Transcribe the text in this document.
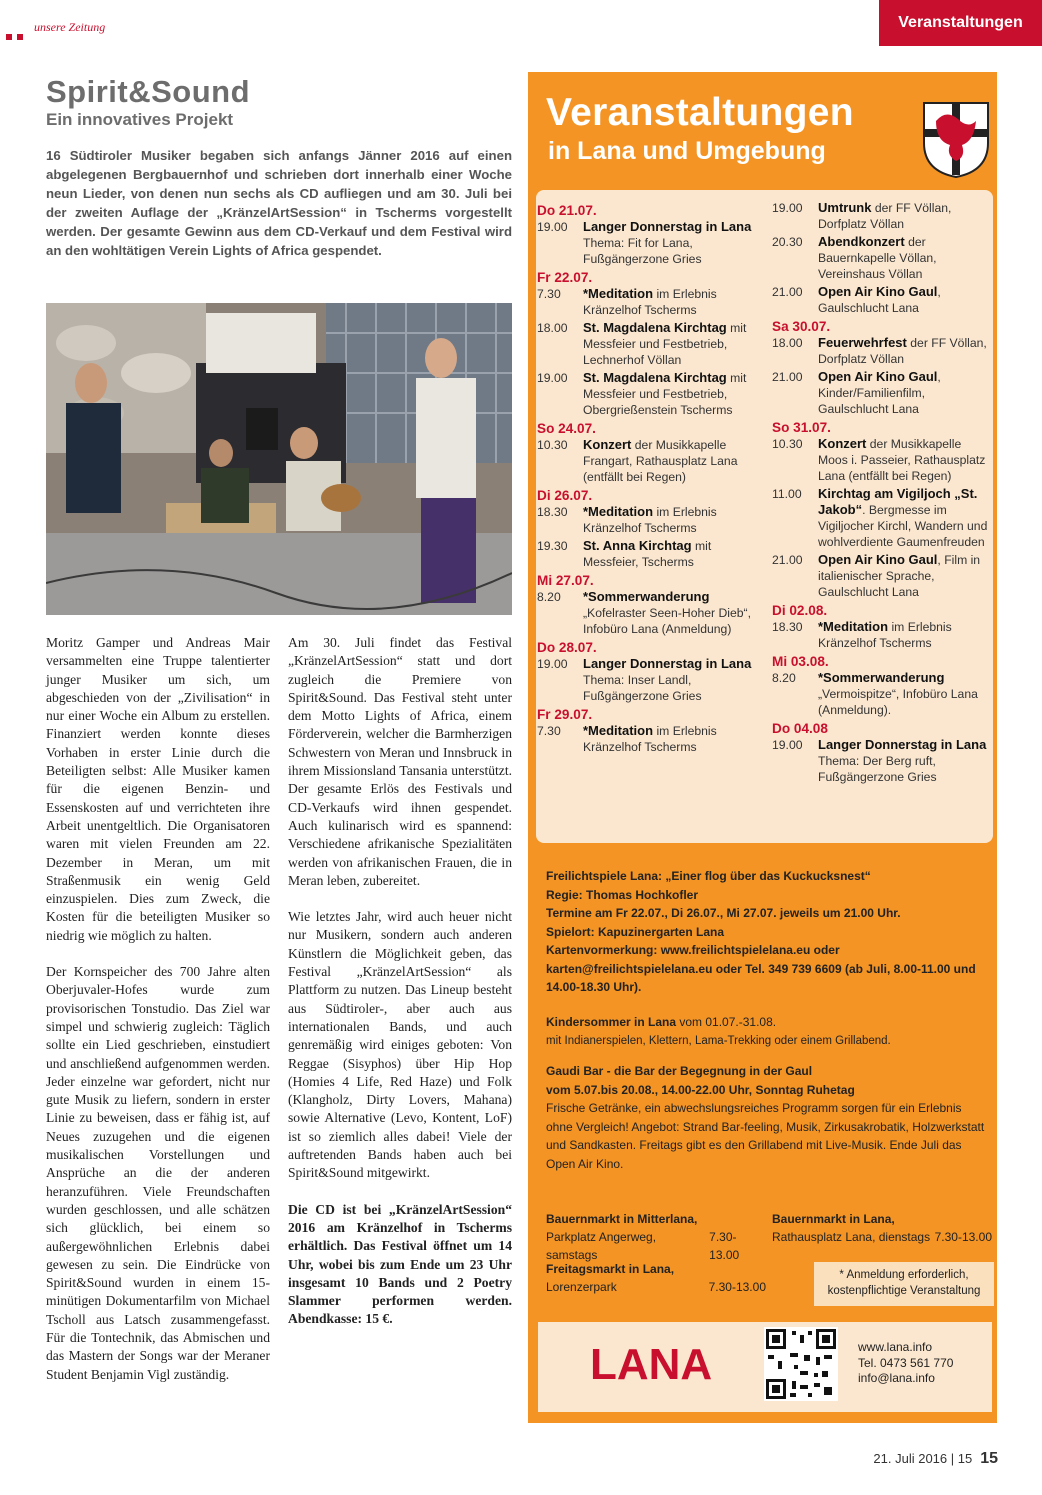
unsere Zeitung	Veranstaltungen
Spirit&Sound
Ein innovatives Projekt

16 Südtiroler Musiker begaben sich anfangs Jänner 2016 auf einen abgelegenen Bergbauernhof und schrieben dort innerhalb einer Woche neun Lieder, von denen nun sechs als CD aufliegen und am 30. Juli bei der zweiten Auflage der „KränzelArtSession“ in Tscherms vorgestellt werden. Der gesamte Gewinn aus dem CD-Verkauf und dem Festival wird an den wohltätigen Verein Lights of Africa gespendet.

Moritz Gamper und Andreas Mair versammelten eine Truppe talentierter junger Musiker um sich, um abgeschieden von der „Zivilisation“ in nur einer Woche ein Album zu erstellen. Finanziert werden konnte dieses Vorhaben in erster Linie durch die Beteiligten selbst: Alle Musiker kamen für die eigenen Benzin- und Essenskosten auf und verrichteten ihre Arbeit unentgeltlich. Die Organisatoren waren mit vielen Freunden am 22. Dezember in Meran, um mit Straßenmusik ein wenig Geld einzuspielen. Dies zum Zweck, die Kosten für die beteiligten Musiker so niedrig wie möglich zu halten.

Der Kornspeicher des 700 Jahre alten Oberjuvaler-Hofes wurde zum provisorischen Tonstudio. Das Ziel war simpel und schwierig zugleich: Täglich sollte ein Lied geschrieben, einstudiert und anschließend aufgenommen werden. Jeder einzelne war gefordert, nicht nur gute Musik zu liefern, sondern in erster Linie zu beweisen, dass er fähig ist, auf Neues zuzugehen und die eigenen musikalischen Vorstellungen und Ansprüche an die der anderen heranzuführen. Viele Freundschaften wurden geschlossen, und alle schätzen sich glücklich, bei einem so außergewöhnlichen Erlebnis dabei gewesen zu sein. Die Eindrücke von Spirit&Sound wurden in einem 15-minütigen Dokumentarfilm von Michael Tscholl aus Latsch zusammengefasst. Für die Tontechnik, das Abmischen und das Mastern der Songs war der Meraner Student Benjamin Vigl zuständig.

Am 30. Juli findet das Festival „KränzelArtSession“ statt und dort zugleich die Premiere von Spirit&Sound. Das Festival steht unter dem Motto Lights of Africa, einem Förderverein, welcher die Barmherzigen Schwestern von Meran und Innsbruck in ihrem Missionsland Tansania unterstützt. Der gesamte Erlös des Festivals und CD-Verkaufs wird ihnen gespendet. Auch kulinarisch wird es spannend: Verschiedene afrikanische Spezialitäten werden von afrikanischen Frauen, die in Meran leben, zubereitet.

Wie letztes Jahr, wird auch heuer nicht nur Musikern, sondern auch anderen Künstlern die Möglichkeit geben, das Festival „KränzelArtSession“ als Plattform zu nutzen. Das Lineup besteht aus Südtiroler-, aber auch aus internationalen Bands, und auch genremäßig wird einiges geboten: Von Reggae (Sisyphos) über Hip Hop (Homies 4 Life, Red Haze) und Folk (Klangholz, Dirty Lovers, Mahana) sowie Alternative (Levo, Kontent, LoF) ist so ziemlich alles dabei! Viele der auftretenden Bands haben auch bei Spirit&Sound mitgewirkt.

Die CD ist bei „KränzelArtSession“ 2016 am Kränzelhof in Tscherms erhältlich. Das Festival öffnet um 14 Uhr, wobei bis zum Ende um 23 Uhr insgesamt 10 Bands und 2 Poetry Slammer performen werden. Abendkasse: 15 €.

Veranstaltungen
in Lana und Umgebung
Do 21.07.
19.00	Langer Donnerstag in Lana
Thema: Fit for Lana, Fußgängerzone Gries
Fr 22.07.
7.30	*Meditation im Erlebnis Kränzelhof Tscherms
18.00	St. Magdalena Kirchtag mit Messfeier und Festbetrieb, Lechnerhof Völlan
19.00	St. Magdalena Kirchtag mit Messfeier und Festbetrieb, Obergrießenstein Tscherms
So 24.07.
10.30	Konzert der Musikkapelle Frangart, Rathausplatz Lana (entfällt bei Regen)
Di 26.07.
18.30	*Meditation im Erlebnis Kränzelhof Tscherms
19.30	St. Anna Kirchtag mit Messfeier, Tscherms
Mi 27.07.
8.20	*Sommerwanderung „Kofelraster Seen-Hoher Dieb“, Infobüro Lana (Anmeldung)
Do 28.07.
19.00	Langer Donnerstag in Lana
Thema: Inser Landl, Fußgängerzone Gries
Fr 29.07.
7.30	*Meditation im Erlebnis Kränzelhof Tscherms
19.00	Umtrunk der FF Völlan, Dorfplatz Völlan
20.30	Abendkonzert der Bauernkapelle Völlan, Vereinshaus Völlan
21.00	Open Air Kino Gaul, Gaulschlucht Lana
Sa 30.07.
18.00	Feuerwehrfest der FF Völlan, Dorfplatz Völlan
21.00	Open Air Kino Gaul, Kinder/Familienfilm, Gaulschlucht Lana
So 31.07.
10.30	Konzert der Musikkapelle Moos i. Passeier, Rathausplatz Lana (entfällt bei Regen)
11.00	Kirchtag am Vigiljoch „St. Jakob“. Bergmesse im Vigiljocher Kirchl, Wandern und wohlverdiente Gaumenfreuden
21.00	Open Air Kino Gaul, Film in italienischer Sprache, Gaulschlucht Lana
Di 02.08.
18.30	*Meditation im Erlebnis Kränzelhof Tscherms
Mi 03.08.
8.20	*Sommerwanderung „Vermoispitze“, Infobüro Lana (Anmeldung).
Do 04.08
19.00	Langer Donnerstag in Lana
Thema: Der Berg ruft, Fußgängerzone Gries
Freilichtspiele Lana: „Einer flog über das Kuckucksnest“
Regie: Thomas Hochkofler
Termine am Fr 22.07., Di 26.07., Mi 27.07. jeweils um 21.00 Uhr.
Spielort: Kapuzinergarten Lana
Kartenvormerkung: www.freilichtspielelana.eu oder karten@freilichtspielelana.eu oder Tel. 349 739 6609 (ab Juli, 8.00-11.00 und 14.00-18.30 Uhr).
Kindersommer in Lana vom 01.07.-31.08.
mit Indianerspielen, Klettern, Lama-Trekking oder einem Grillabend.
Gaudi Bar - die Bar der Begegnung in der Gaul
vom 5.07.bis 20.08., 14.00-22.00 Uhr, Sonntag Ruhetag
Frische Getränke, ein abwechslungsreiches Programm sorgen für ein Erlebnis ohne Vergleich! Angebot: Strand Bar-feeling, Musik, Zirkusakrobatik, Holzwerkstatt und Sandkasten. Freitags gibt es den Grillabend mit Live-Musik. Ende Juli das Open Air Kino.
Bauernmarkt in Mitterlana,
Parkplatz Angerweg, samstags
7.30-13.00
Bauernmarkt in Lana,
Rathausplatz Lana, dienstags 7.30-13.00
Freitagsmarkt in Lana,
Lorenzerpark	7.30-13.00
* Anmeldung erforderlich,
kostenpflichtige Veranstaltung
LANA	www.lana.info
Tel. 0473 561 770
info@lana.info
21. Juli 2016 | 15 15
